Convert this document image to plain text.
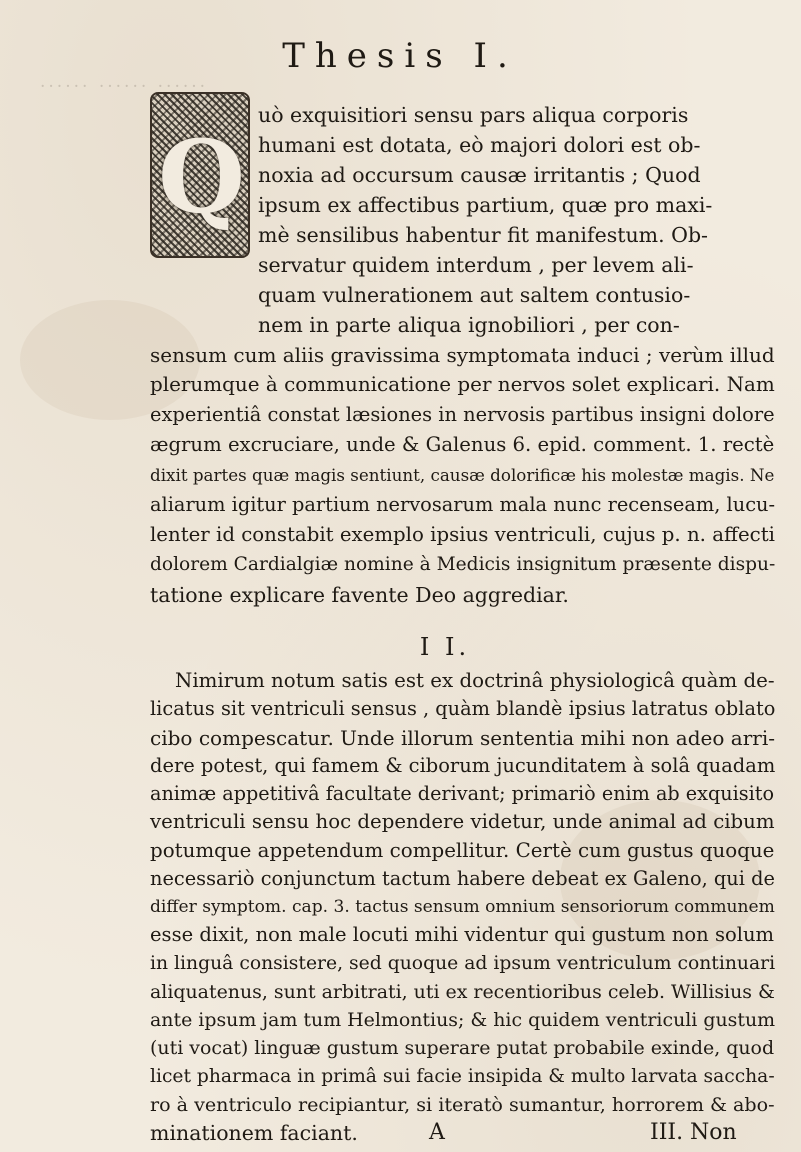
Thesis I.
...... ...... ......
Q
uò exquisitiori sensu pars aliqua corporis
humani est dotata, eò majori dolori est ob-
noxia ad occursum causæ irritantis ; Quod
ipsum ex affectibus partium, quæ pro maxi-
mè sensilibus habentur fit manifestum. Ob-
servatur quidem interdum , per levem ali-
quam vulnerationem aut saltem contusio-
nem in parte aliqua ignobiliori , per con-
sensum cum aliis gravissima symptomata induci ; verùm illud
plerumque à communicatione per nervos solet explicari. Nam
experientiâ constat læsiones in nervosis partibus insigni dolore
ægrum excruciare, unde & Galenus 6. epid. comment. 1. rectè
dixit partes quæ magis sentiunt, causæ dolorificæ his molestæ magis. Ne
aliarum igitur partium nervosarum mala nunc recenseam, lucu-
lenter id constabit exemplo ipsius ventriculi, cujus p. n. affecti
dolorem Cardialgiæ nomine à Medicis insignitum præsente dispu-
tatione explicare favente Deo aggrediar.
I I.
Nimirum notum satis est ex doctrinâ physiologicâ quàm de-
licatus sit ventriculi sensus , quàm blandè ipsius latratus oblato
cibo compescatur. Unde illorum sententia mihi non adeo arri-
dere potest, qui famem & ciborum jucunditatem à solâ quadam
animæ appetitivâ facultate derivant; primariò enim ab exquisito
ventriculi sensu hoc dependere videtur, unde animal ad cibum
potumque appetendum compellitur. Certè cum gustus quoque
necessariò conjunctum tactum habere debeat ex Galeno, qui de
differ symptom. cap. 3. tactus sensum omnium sensoriorum communem
esse dixit, non male locuti mihi videntur qui gustum non solum
in linguâ consistere, sed quoque ad ipsum ventriculum continuari
aliquatenus, sunt arbitrati, uti ex recentioribus celeb. Willisius &
ante ipsum jam tum Helmontius; & hic quidem ventriculi gustum
(uti vocat) linguæ gustum superare putat probabile exinde, quod
licet pharmaca in primâ sui facie insipida & multo larvata saccha-
ro à ventriculo recipiantur, si iteratò sumantur, horrorem & abo-
minationem faciant.	A	III. Non
